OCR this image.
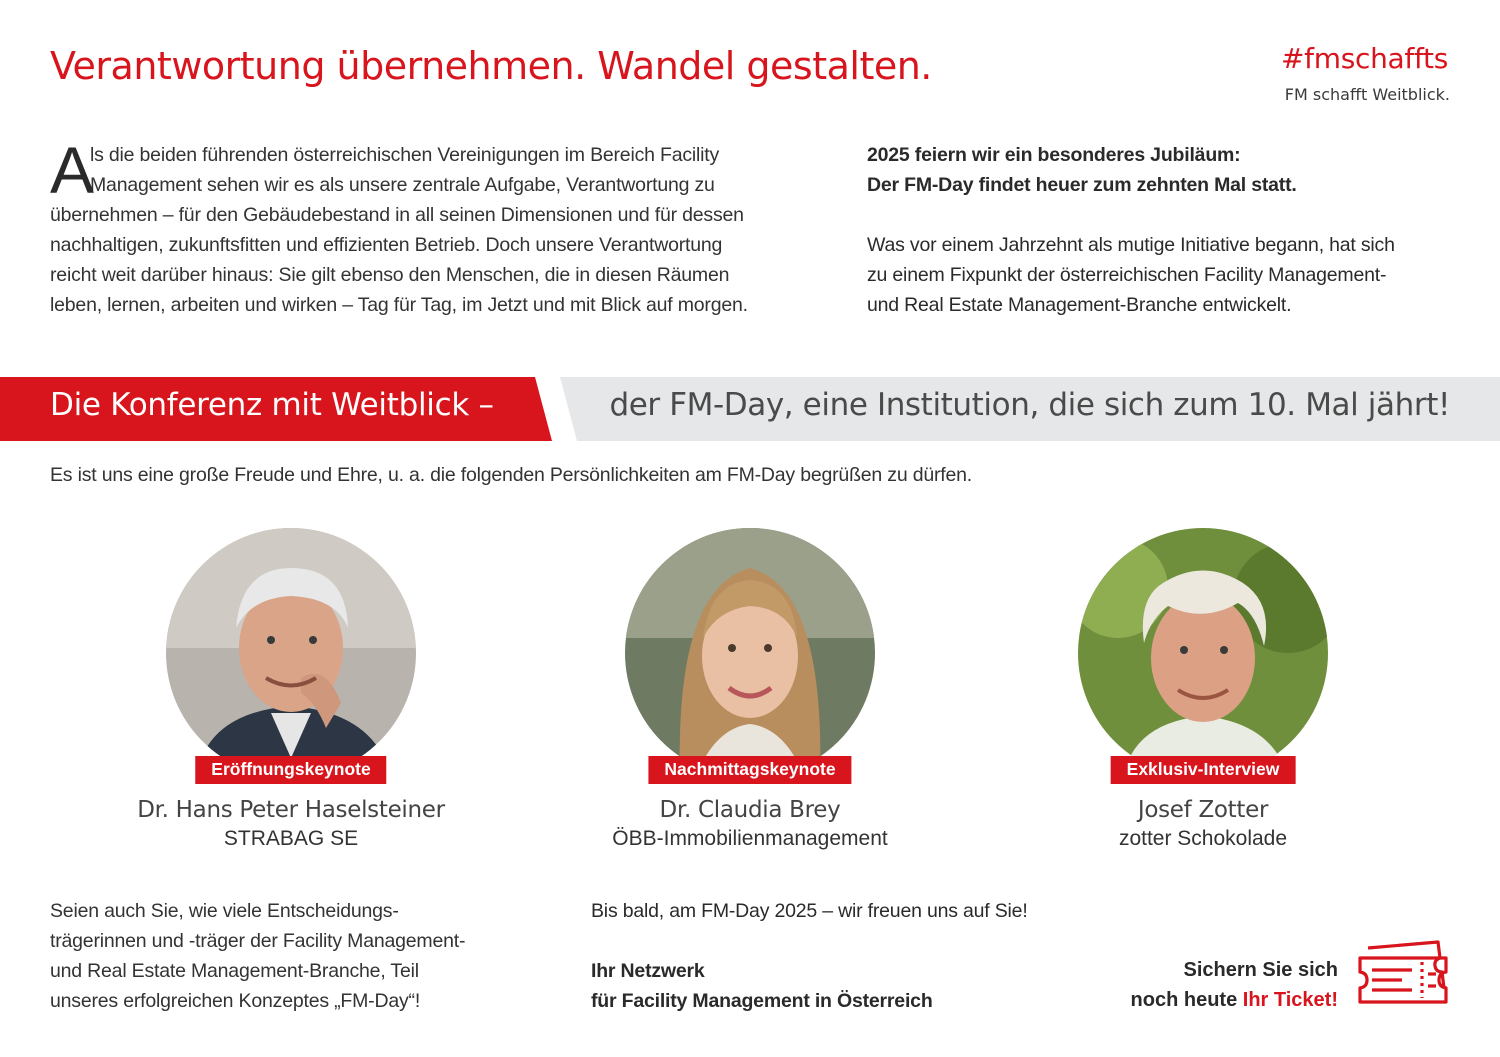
Verantwortung übernehmen. Wandel gestalten.	#fmschaffts
FM schafft Weitblick.
A
ls die beiden führenden österreichischen Vereinigungen im Bereich Facility
Management sehen wir es als unsere zentrale Aufgabe, Verantwortung zu
übernehmen – für den Gebäudebestand in all seinen Dimensionen und für dessen
nachhaltigen, zukunftsfitten und effizienten Betrieb. Doch unsere Verantwortung
reicht weit darüber hinaus: Sie gilt ebenso den Menschen, die in diesen Räumen
leben, lernen, arbeiten und wirken – Tag für Tag, im Jetzt und mit Blick auf morgen.
2025 feiern wir ein besonderes Jubiläum:
Der FM-Day findet heuer zum zehnten Mal statt.
Was vor einem Jahrzehnt als mutige Initiative begann, hat sich
zu einem Fixpunkt der österreichischen Facility Management-
und Real Estate Management-Branche entwickelt.
Die Konferenz mit Weitblick –	der FM-Day, eine Institution, die sich zum 10. Mal jährt!
Es ist uns eine große Freude und Ehre, u. a. die folgenden Persönlichkeiten am FM-Day begrüßen zu dürfen.
Eröffnungskeynote
Dr. Hans Peter Haselsteiner
STRABAG SE
Nachmittagskeynote
Dr. Claudia Brey
ÖBB-Immobilienmanagement
Exklusiv-Interview
Josef Zotter
zotter Schokolade
Seien auch Sie, wie viele Entscheidungs-
trägerinnen und -träger der Facility Management-
und Real Estate Management-Branche, Teil
unseres erfolgreichen Konzeptes „FM-Day“!
Bis bald, am FM-Day 2025 – wir freuen uns auf Sie!
Ihr Netzwerk
für Facility Management in Österreich
Sichern Sie sich
noch heute Ihr Ticket!
